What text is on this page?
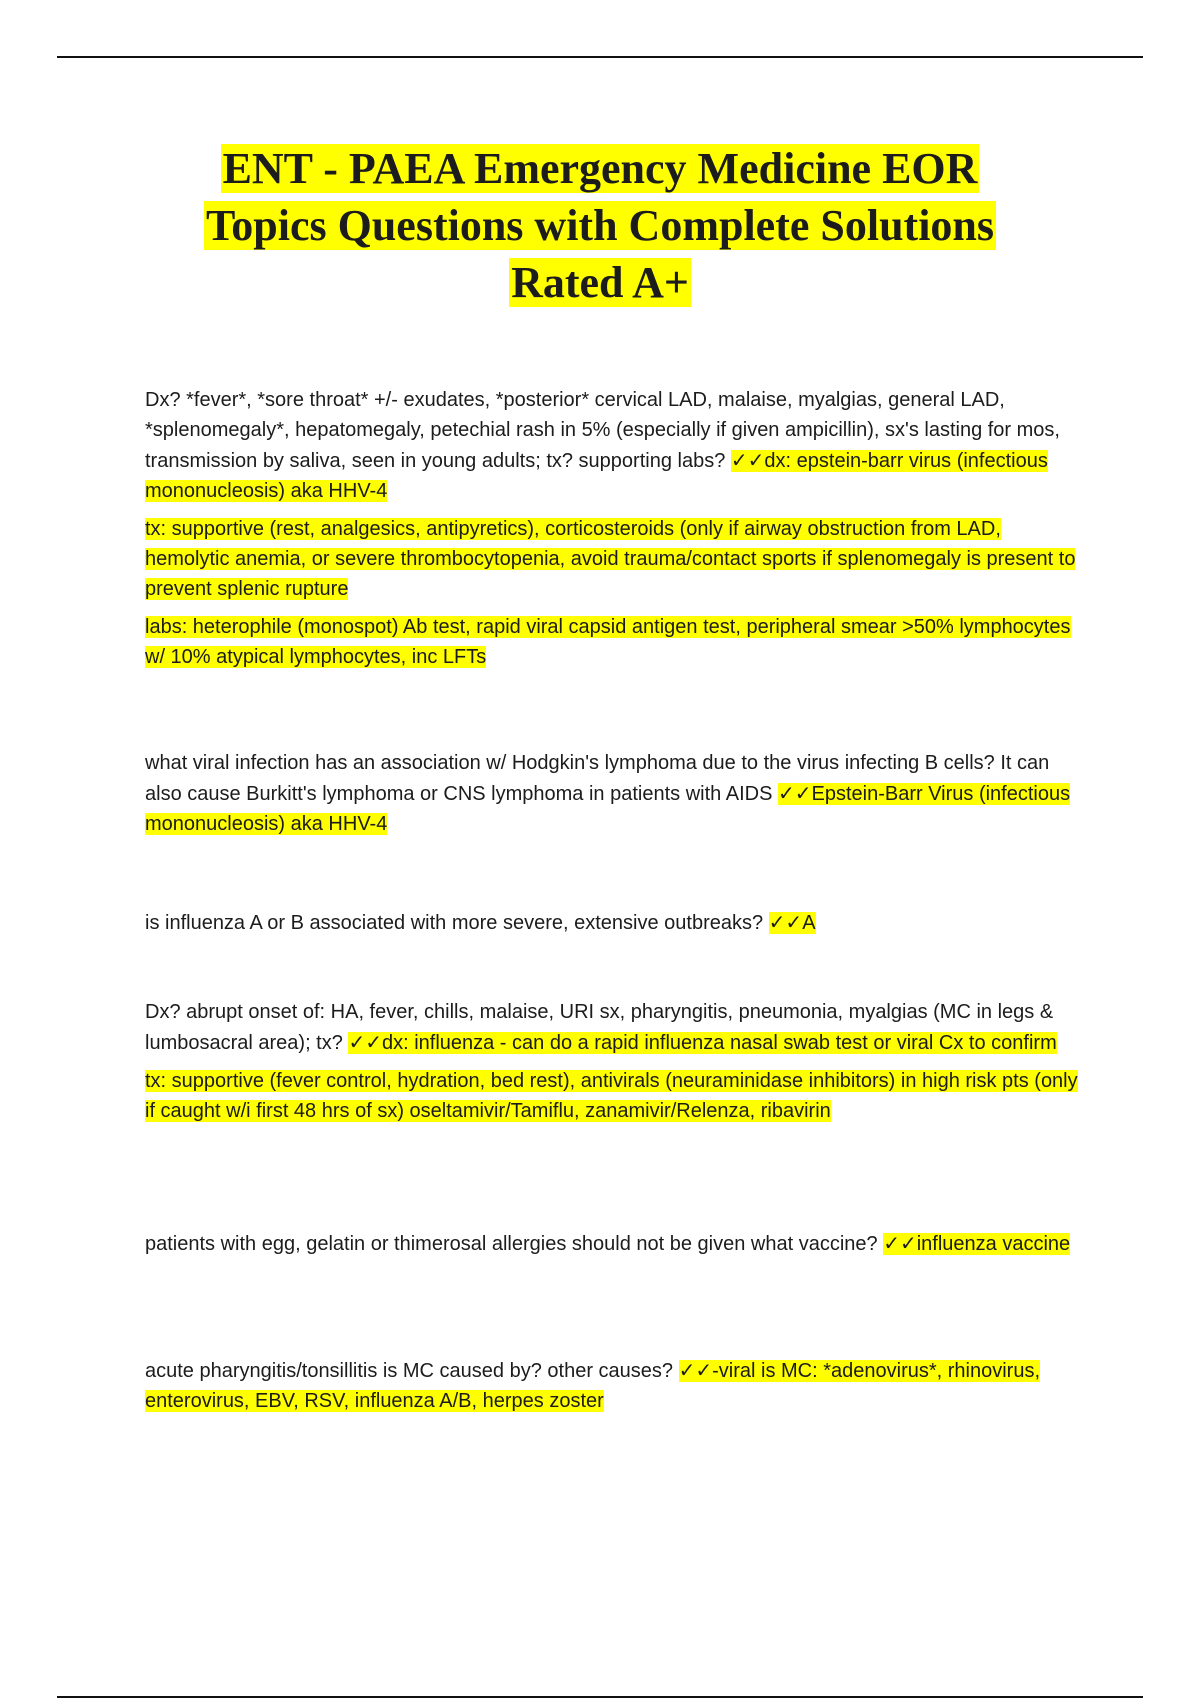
ENT - PAEA Emergency Medicine EOR
Topics Questions with Complete Solutions
Rated A+

Dx? *fever*, *sore throat* +/- exudates, *posterior* cervical LAD, malaise, myalgias, general LAD, *splenomegaly*, hepatomegaly, petechial rash in 5% (especially if given ampicillin), sx's lasting for mos, transmission by saliva, seen in young adults; tx? supporting labs? ✓✓dx: epstein-barr virus (infectious mononucleosis) aka HHV-4

tx: supportive (rest, analgesics, antipyretics), corticosteroids (only if airway obstruction from LAD, hemolytic anemia, or severe thrombocytopenia, avoid trauma/contact sports if splenomegaly is present to prevent splenic rupture

labs: heterophile (monospot) Ab test, rapid viral capsid antigen test, peripheral smear >50% lymphocytes w/ 10% atypical lymphocytes, inc LFTs

what viral infection has an association w/ Hodgkin's lymphoma due to the virus infecting B cells? It can also cause Burkitt's lymphoma or CNS lymphoma in patients with AIDS ✓✓Epstein-Barr Virus (infectious mononucleosis) aka HHV-4

is influenza A or B associated with more severe, extensive outbreaks? ✓✓A

Dx? abrupt onset of: HA, fever, chills, malaise, URI sx, pharyngitis, pneumonia, myalgias (MC in legs & lumbosacral area); tx? ✓✓dx: influenza - can do a rapid influenza nasal swab test or viral Cx to confirm

tx: supportive (fever control, hydration, bed rest), antivirals (neuraminidase inhibitors) in high risk pts (only if caught w/i first 48 hrs of sx) oseltamivir/Tamiflu, zanamivir/Relenza, ribavirin

patients with egg, gelatin or thimerosal allergies should not be given what vaccine? ✓✓influenza vaccine

acute pharyngitis/tonsillitis is MC caused by? other causes? ✓✓-viral is MC: *adenovirus*, rhinovirus, enterovirus, EBV, RSV, influenza A/B, herpes zoster
